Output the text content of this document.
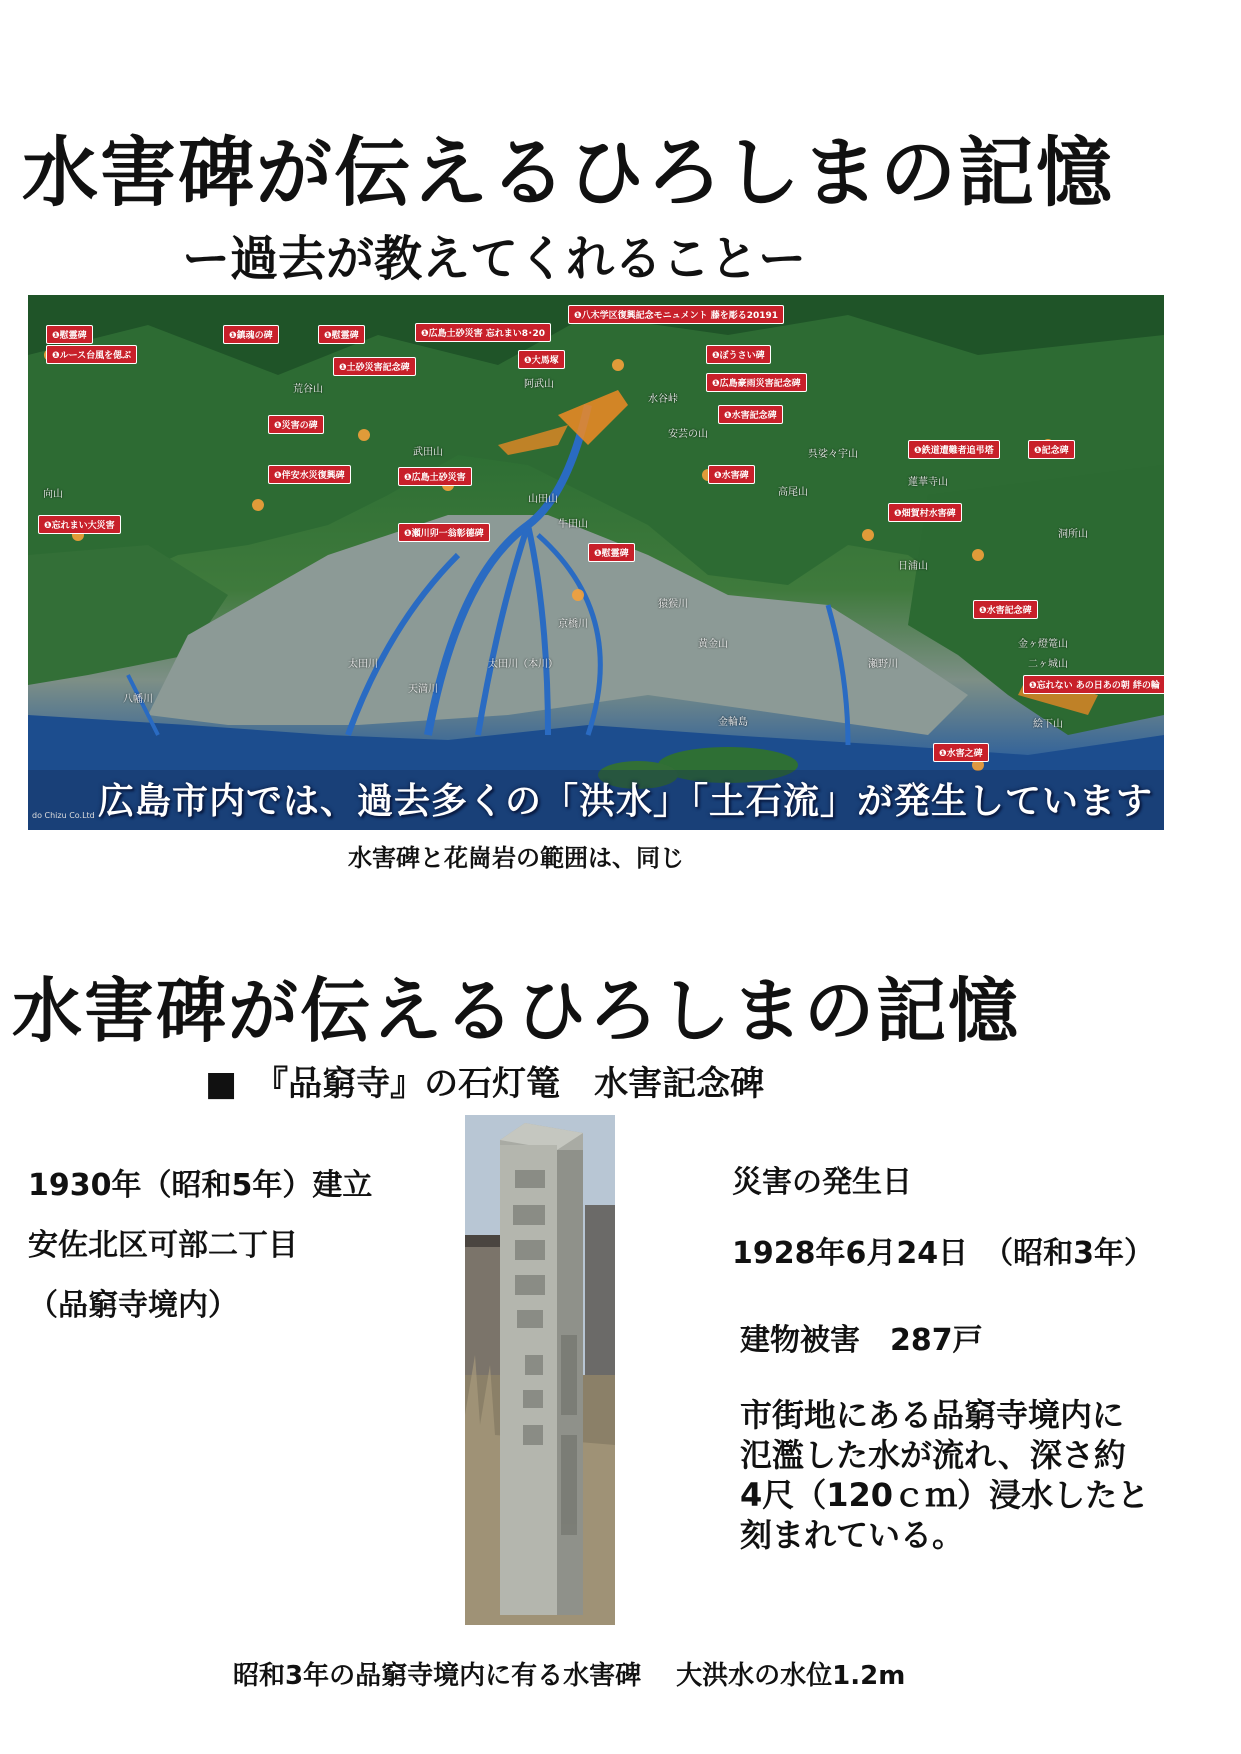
水害碑が伝えるひろしまの記憶
ー過去が教えてくれることー
❶慰霊碑
❶ルース台風を偲ぶ
❶鎮魂の碑	❶慰霊碑	❶広島土砂災害 忘れまい8･20
❶八木学区復興記念モニュメント 藤を彫る20191
❶土砂災害記念碑
❶大馬塚	❶ぼうさい碑
❶広島豪雨災害記念碑
❶災害の碑
❶水害記念碑
❶鉄道遭難者追弔塔	❶記念碑
❶伴安水災復興碑	❶広島土砂災害	❶水害碑
❶瀬川卯一翁彰德碑
❶畑賀村水害碑
❶忘れまい大災害
❶慰霊碑
❶水害記念碑
❶忘れない あの日あの朝 絆の輪
❶水害之碑
荒谷山	阿武山
武田山
向山	高尾山
呉娑々宇山
安芸の山
二ヶ城山
牛田山
黄金山	金ヶ燈篭山
絵下山
金輪島
太田川
天満川
太田川（本川）
京橋川
猿猴川
瀬野川
八幡川
山田山
水谷峠
蓮華寺山
日浦山
洞所山
do Chizu Co.Ltd 広島市内では、過去多くの「洪水」「土石流」が発生しています
水害碑と花崗岩の範囲は、同じ
水害碑が伝えるひろしまの記憶
■　『品窮寺』の石灯篭　水害記念碑
1930年（昭和5年）建立
安佐北区可部二丁目
（品窮寺境内）
災害の発生日
1928年6月24日　（昭和3年）
建物被害　287戸
市街地にある品窮寺境内に
氾濫した水が流れ、深さ約
4尺（120ｃｍ）浸水したと
刻まれている。
昭和3年の品窮寺境内に有る水害碑　 大洪水の水位1.2m
